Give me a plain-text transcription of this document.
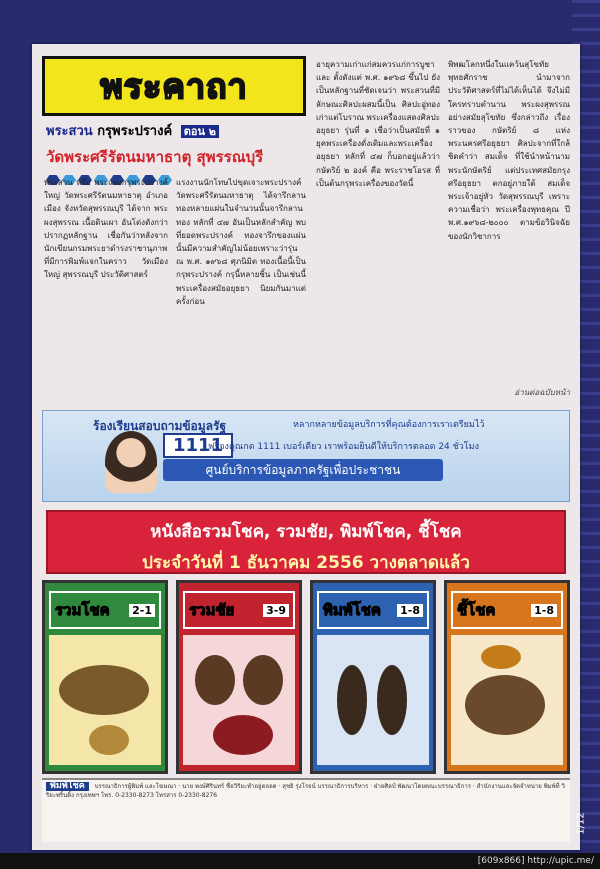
พระคาถา
พระสวน กรุพระปรางค์ ตอน ๒
วัดพระศรีรัตนมหาธาตุ สุพรรณบุรี
พระสวน หรือ พระแผงกรุพระปรางค์ใหญ่ วัดพระศรีรัตนมหาธาตุ อำเภอเมือง จังหวัดสุพรรณบุรี ได้จาก พระผงสุพรรณ เนื้อดินเผา อันโด่งดังกว่าปรากฏหลักฐาน เชื่อกันว่าหลังจาก นักเขียนกรมพระยาดำรงราชานุภาพ ที่มีการพิมพ์แจกในคราว วัดเมืองใหญ่ สุพรรณบุรี ประวัติศาสตร์
แรงงานนักโทษไปขุดเจาะพระปรางค์วัดพระศรีรัตนมหาธาตุ ได้จารึกลานทองหลายแผ่นในจำนวนนั้นจารึกลานทอง หลักที่ ๔๗ อันเป็นหลักสำคัญ พบที่ยอดพระปรางค์ ทองจารึกของแผ่นนั้นมีความสำคัญไม่น้อยเพราะว่ารุ่น ณ พ.ศ. ๑๙๖๘ ศุภนิมิต ทองเนื้อนี้เป็น กรุพระปรางค์ กรุนี้หลายชิ้น เป็นเช่นนี้ พระเครื่องสมัยอยุธยา นิยมกันมาแต่ครั้งก่อน
อายุความเก่าแก่สมควรแก่การบูชาและ ตั้งดังแต่ พ.ศ. ๑๙๖๘ ขึ้นไป ยังเป็นหลักฐานที่ชัดเจนว่า พระสวนที่มีลักษณะศิลปะผสมนี้เป็น ศิลปะอู่ทองเก่าแต่โบราณ พระเครื่องแสดงศิลปะอยุธยา รุ่นที่ ๑ เชื่อว่าเป็นสมัยที่ ๑ ยุคพระเครื่องดั่งเดิมและพระเครื่องอยุธยา หลักที่ ๔๗ ก็บอกอยู่แล้วว่า กษัตริย์ ๒ องค์ คือ พระราชโอรส ที่เป็นต้นกรุพระเครื่องของวัดนี้
พิพฒโลกหนึ่งในแคว้นสุโขทัย พุทธศักราช นำมาจากประวัติศาสตร์ที่ไม่ได้เห็นได้ จึงไม่มีใครทราบตำนาน พระผงสุพรรณอย่างสมัยสุโขทัย ซึ่งกล่าวถึง เรื่องราวของ กษัตริย์ ๘ แห่ง พระนครศรีอยุธยา ศิลปะจากที่ใกล้ชิดคำว่า สมเด็จ ที่ใช้นำหน้านามพระนักษัตริย์ แต่ประเทศสมัยกรุงศรีอยุธยา ตกอยู่ภายใต้ สมเด็จพระเจ้าอยู่หัว วัดสุพรรณบุรี เพราะความเชื่อว่า พระเครื่องพุทธคุณ ปี พ.ศ.๑๙๖๘-๒๐๐๐ ตามข้อวินิจฉัยของนักวิชาการ
อ่านต่อฉบับหน้า
ร้องเรียนสอบถามข้อมูลรัฐ	หลากหลายข้อมูลบริการที่คุณต้องการเราเตรียมไว้
1111
ฟรีจงคุณกด 1111 เบอร์เดียว เราพร้อมยินดีให้บริการตลอด 24 ชั่วโมง
ศูนย์บริการข้อมูลภาครัฐเพื่อประชาชน
หนังสือรวมโชค, รวมชัย, พิมพ์โชค, ชี้โชค
ประจำวันที่ 1 ธันวาคม 2556 วางตลาดแล้ว
รวมโชค 2-1 รวมชัย	3-9 พิมพ์โชค 1-8 ชี้โชค	1-8
พิมพ์โชค บรรณาธิการผู้พิมพ์ และโฆษณา · นาย พงษ์ศิรินทร์ ซื่อวิริยะทำอยู่ตลอด · สุชยิ รุ่งโรจน์ บรรณาธิการบริหาร · ฝ่ายศิลป์ พัฒนาโดยคณะบรรณาธิการ · สำนักงานและจัดจำหน่าย พิมพ์ที่ วิริยะพริ้นติ้ง กรุงเทพฯ โทร. 0-2330-8273 โทรสาร 0-2330-8276
1/12
[609x866] http://upic.me/
